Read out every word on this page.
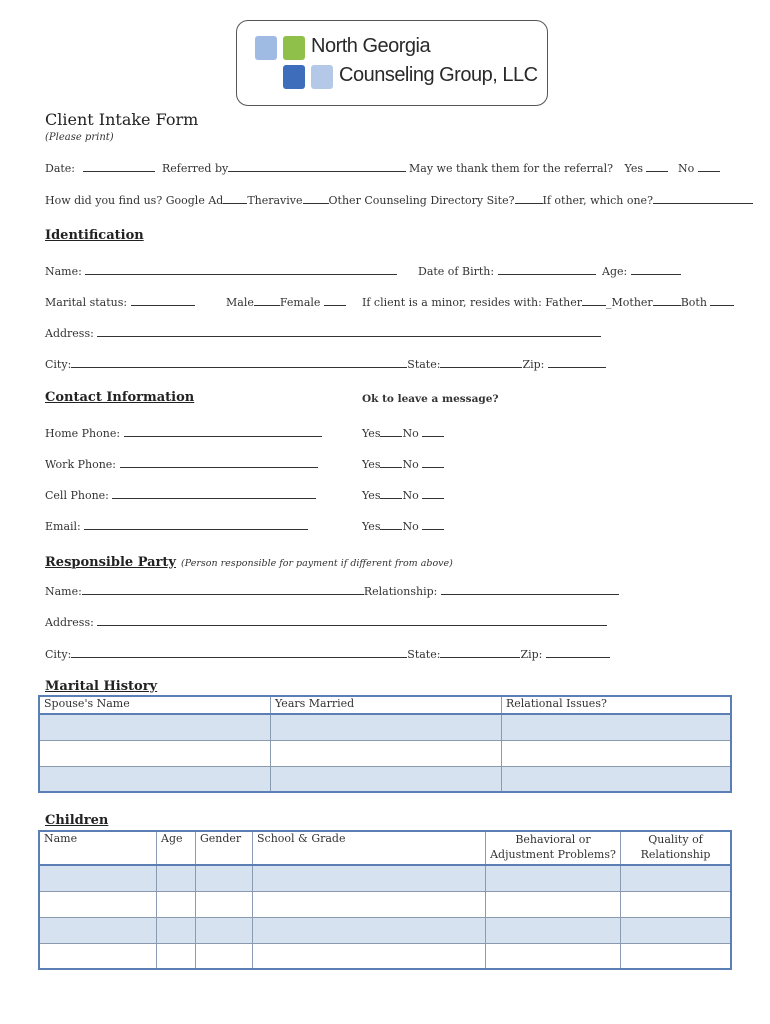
North Georgia
Counseling Group, LLC
Client Intake Form
(Please print)
Date:	Referred by	May we thank them for the referral? Yes	No
How did you find us? Google Ad Theravive Other Counseling Directory Site?	If other, which one?
Identification
Name:	Date of Birth:	Age:
Marital status:	Male Female	If client is a minor, resides with: Father _Mother	Both
Address:
City:	State:	Zip:
Contact Information	Ok to leave a message?
Home Phone:	Yes No
Work Phone:	Yes No
Cell Phone:	Yes No
Email:	Yes No
Responsible Party (Person responsible for payment if different from above)
Name:	Relationship:
Address:
City:	State:	Zip:
Marital History
Spouse's Name	Years Married	Relational Issues?

Children
Name	Age	Gender	School & Grade	Behavioral or Adjustment Problems?	Quality of Relationship
